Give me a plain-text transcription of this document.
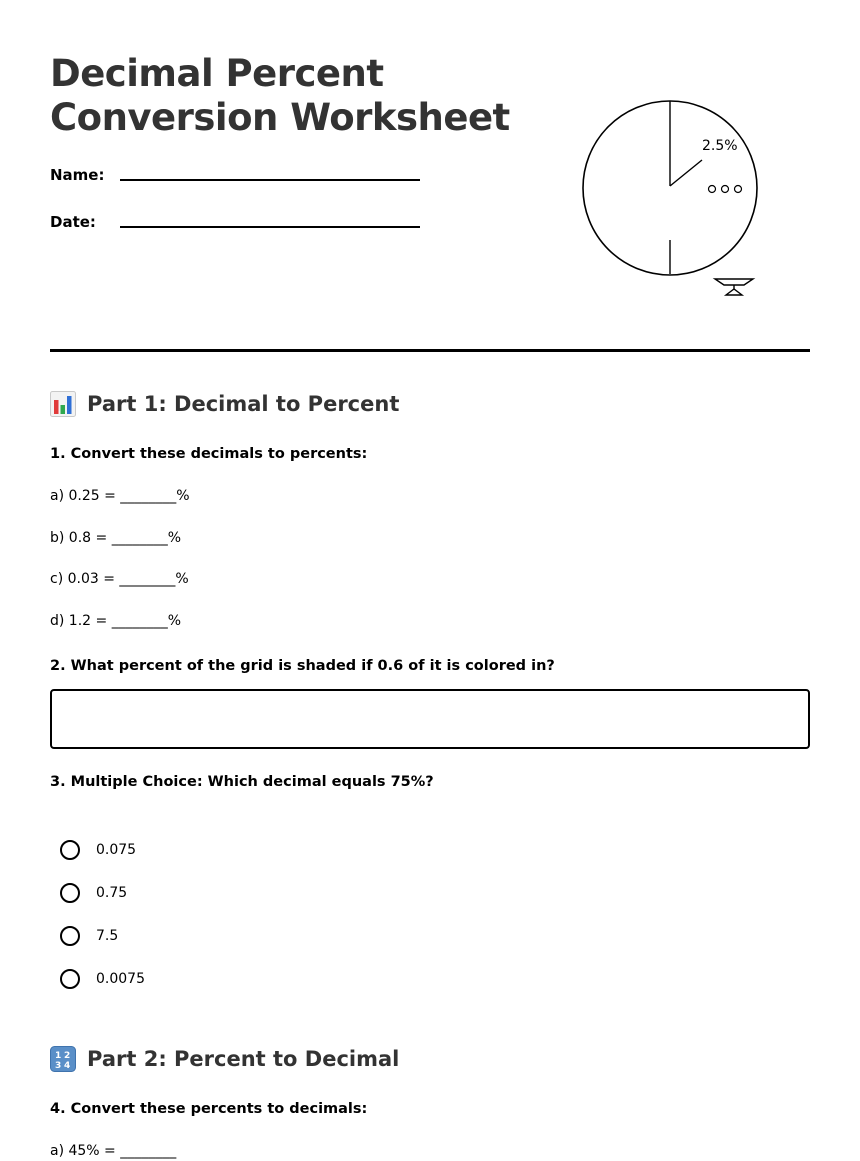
Decimal Percent
Conversion Worksheet
Name:
Date:
2.5%
Part 1: Decimal to Percent
1. Convert these decimals to percents:
a) 0.25 = ________%
b) 0.8 = ________%
c) 0.03 = ________%
d) 1.2 = ________%
2. What percent of the grid is shaded if 0.6 of it is colored in?
3. Multiple Choice: Which decimal equals 75%?
0.075
0.75
7.5
0.0075
1 2
3 4 Part 2: Percent to Decimal
4. Convert these percents to decimals:
a) 45% = ________
